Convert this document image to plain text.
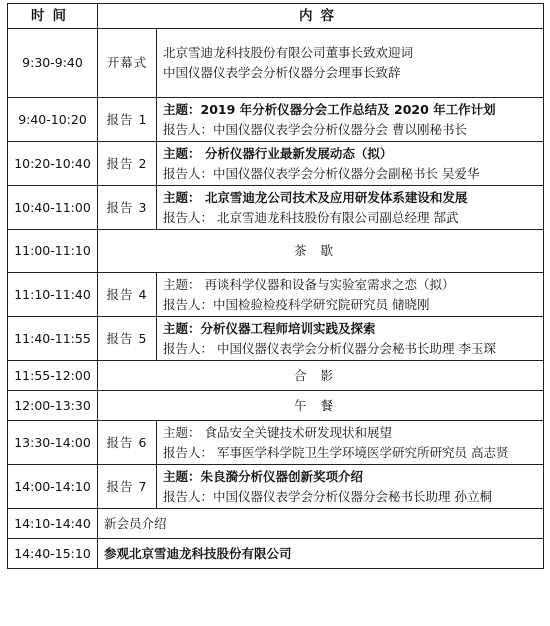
时间	内容	
9:30-9:40	开幕式	北京雪迪龙科技股份有限公司董事长致欢迎词
中国仪器仪表学会分析仪器分会理事长致辞

9:40-10:20	报告 1	主题：2019 年分析仪器分会工作总结及 2020 年工作计划
报告人：中国仪器仪表学会分析仪器分会 曹以刚秘书长

10:20-10:40	报告 2	主题： 分析仪器行业最新发展动态（拟）
报告人：中国仪器仪表学会分析仪器分会副秘书长 吴爱华

10:40-11:00	报告 3	主题： 北京雪迪龙公司技术及应用研发体系建设和发展
报告人： 北京雪迪龙科技股份有限公司副总经理 郜武

11:00-11:10	茶歇	
11:10-11:40	报告 4	主题： 再谈科学仪器和设备与实验室需求之恋（拟）
报告人：中国检验检疫科学研究院研究员 储晓刚

11:40-11:55	报告 5	主题：分析仪器工程师培训实践及探索
报告人： 中国仪器仪表学会分析仪器分会秘书长助理 李玉琛

11:55-12:00	合影	
12:00-13:30	午餐	
13:30-14:00	报告 6	主题： 食品安全关键技术研发现状和展望
报告人： 军事医学科学院卫生学环境医学研究所研究员 高志贤

14:00-14:10	报告 7	主题：朱良漪分析仪器创新奖项介绍
报告人：中国仪器仪表学会分析仪器分会秘书长助理 孙立桐

14:10-14:40	新会员介绍	
14:40-15:10	参观北京雪迪龙科技股份有限公司	
